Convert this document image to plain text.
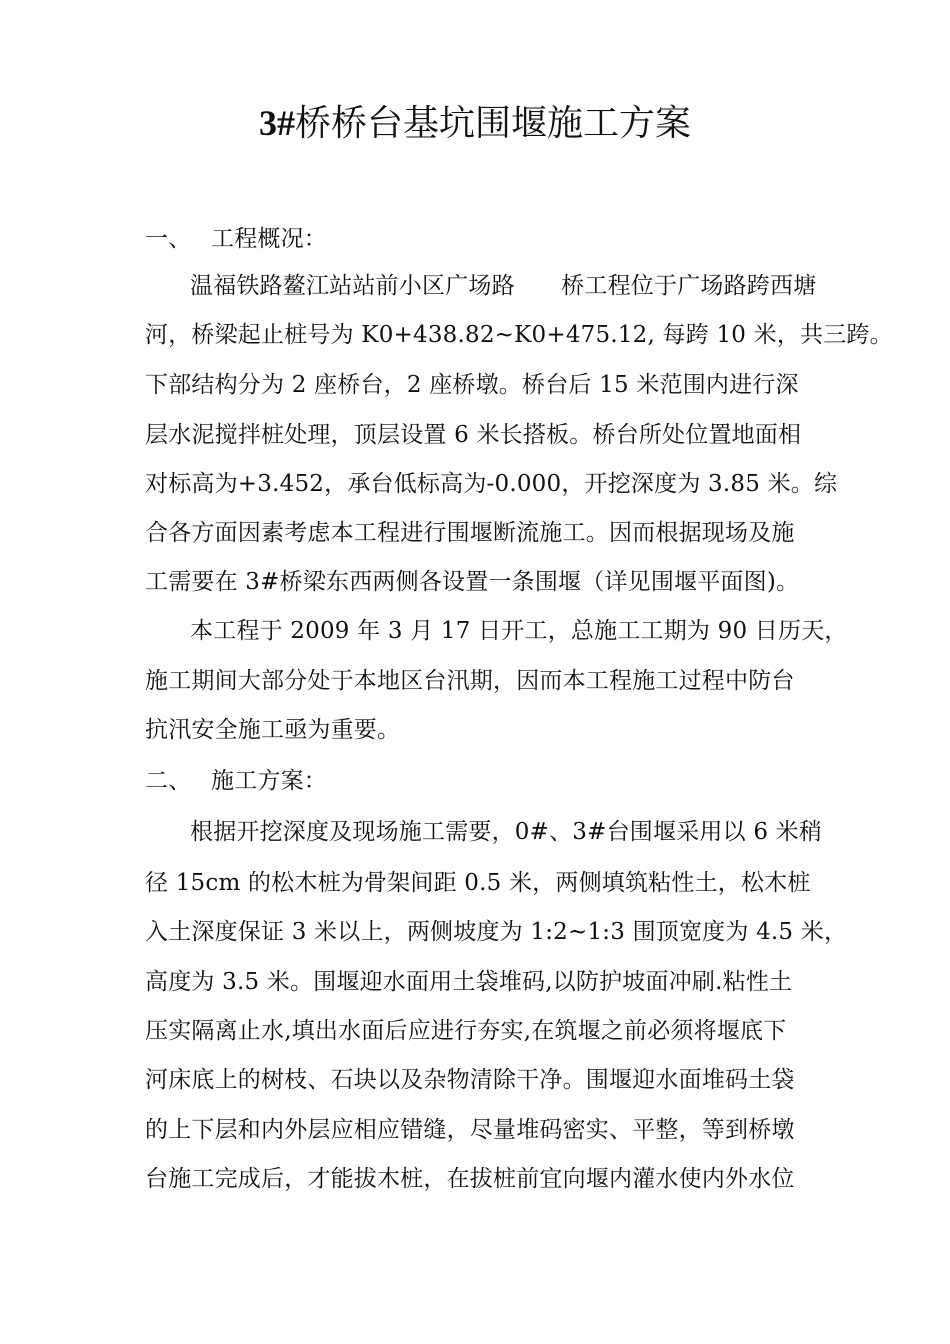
3#桥桥台基坑围堰施工方案
一、 工程概况：
温福铁路鳌江站站前小区广场路　　桥工程位于广场路跨西塘
河，桥梁起止桩号为 K0+438.82~K0+475.12, 每跨 10 米，共三跨。
下部结构分为 2 座桥台，2 座桥墩。桥台后 15 米范围内进行深
层水泥搅拌桩处理，顶层设置 6 米长搭板。桥台所处位置地面相
对标高为+3.452，承台低标高为-0.000，开挖深度为 3.85 米。综
合各方面因素考虑本工程进行围堰断流施工。因而根据现场及施
工需要在 3#桥梁东西两侧各设置一条围堰（详见围堰平面图)。
本工程于 2009 年 3 月 17 日开工，总施工工期为 90 日历天，
施工期间大部分处于本地区台汛期，因而本工程施工过程中防台
抗汛安全施工亟为重要。
二、 施工方案：
根据开挖深度及现场施工需要，0#、3#台围堰采用以 6 米稍
径 15cm 的松木桩为骨架间距 0.5 米，两侧填筑粘性土，松木桩
入土深度保证 3 米以上，两侧坡度为 1:2~1:3 围顶宽度为 4.5 米，
高度为 3.5 米。围堰迎水面用土袋堆码,以防护坡面冲刷.粘性土
压实隔离止水,填出水面后应进行夯实,在筑堰之前必须将堰底下
河床底上的树枝、石块以及杂物清除干净。围堰迎水面堆码土袋
的上下层和内外层应相应错缝，尽量堆码密实、平整，等到桥墩
台施工完成后，才能拔木桩，在拔桩前宜向堰内灌水使内外水位
